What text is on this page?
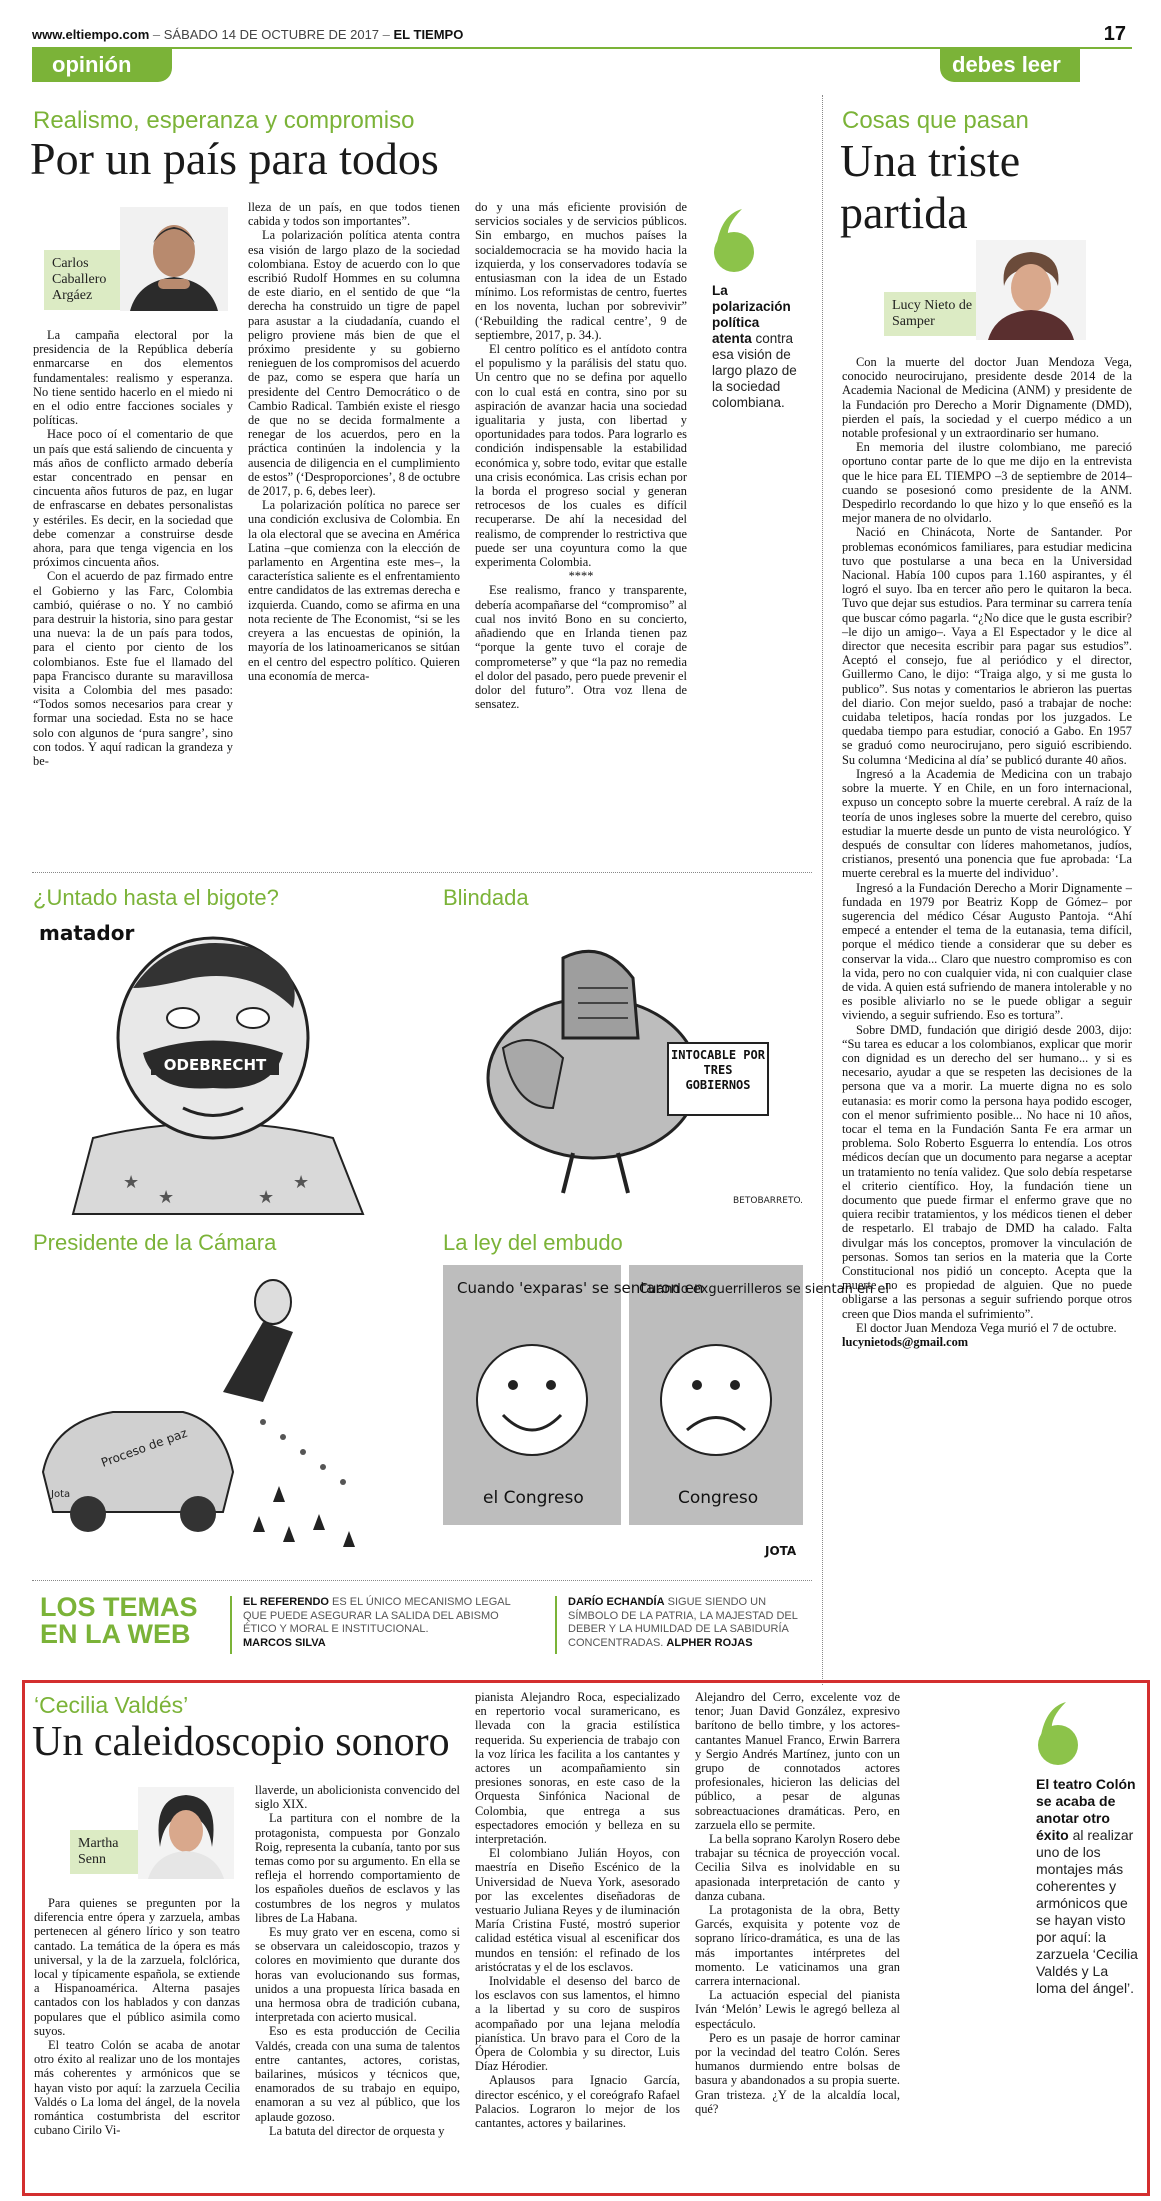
www.eltiempo.com – SÁBADO 14 DE OCTUBRE DE 2017 – EL TIEMPO	17
opinión	debes leer
Realismo, esperanza y compromiso
Por un país para todos
Carlos Caballero Argáez

La campaña electoral por la presidencia de la República debería enmarcarse en dos elementos fundamentales: realismo y esperanza. No tiene sentido hacerlo en el miedo ni en el odio entre facciones sociales y políticas.

Hace poco oí el comentario de que un país que está saliendo de cincuenta y más años de conflicto armado debería estar concentrado en pensar en cincuenta años futuros de paz, en lugar de enfrascarse en debates personalistas y estériles. Es decir, en la sociedad que debe comenzar a construirse desde ahora, para que tenga vigencia en los próximos cincuenta años.

Con el acuerdo de paz firmado entre el Gobierno y las Farc, Colombia cambió, quiérase o no. Y no cambió para destruir la historia, sino para gestar una nueva: la de un país para todos, para el ciento por ciento de los colombianos. Este fue el llamado del papa Francisco durante su maravillosa visita a Colombia del mes pasado: “Todos somos necesarios para crear y formar una sociedad. Esta no se hace solo con algunos de ‘pura sangre’, sino con todos. Y aquí radican la grandeza y be-

lleza de un país, en que todos tienen cabida y todos son importantes”.

La polarización política atenta contra esa visión de largo plazo de la sociedad colombiana. Estoy de acuerdo con lo que escribió Rudolf Hommes en su columna de este diario, en el sentido de que “la derecha ha construido un tigre de papel para asustar a la ciudadanía, cuando el peligro proviene más bien de que el próximo presidente y su gobierno renieguen de los compromisos del acuerdo de paz, como se espera que haría un presidente del Centro Democrático o de Cambio Radical. También existe el riesgo de que no se decida formalmente a renegar de los acuerdos, pero en la práctica continúen la indolencia y la ausencia de diligencia en el cumplimiento de estos” (‘Desproporciones’, 8 de octubre de 2017, p. 6, debes leer).

La polarización política no parece ser una condición exclusiva de Colombia. En la ola electoral que se avecina en América Latina –que comienza con la elección de parlamento en Argentina este mes–, la característica saliente es el enfrentamiento entre candidatos de las extremas derecha e izquierda. Cuando, como se afirma en una nota reciente de The Economist, “si se les creyera a las encuestas de opinión, la mayoría de los latinoamericanos se sitúan en el centro del espectro político. Quieren una economía de merca-

do y una más eficiente provisión de servicios sociales y de servicios públicos. Sin embargo, en muchos países la socialdemocracia se ha movido hacia la izquierda, y los conservadores todavía se entusiasman con la idea de un Estado mínimo. Los reformistas de centro, fuertes en los noventa, luchan por sobrevivir” (‘Rebuilding the radical centre’, 9 de septiembre, 2017, p. 34.).

El centro político es el antídoto contra el populismo y la parálisis del statu quo. Un centro que no se defina por aquello con lo cual está en contra, sino por su aspiración de avanzar hacia una sociedad igualitaria y justa, con libertad y oportunidades para todos. Para lograrlo es condición indispensable la estabilidad económica y, sobre todo, evitar que estalle una crisis económica. Las crisis echan por la borda el progreso social y generan retrocesos de los cuales es difícil recuperarse. De ahí la necesidad del realismo, de comprender lo restrictiva que puede ser una coyuntura como la que experimenta Colombia.

****

Ese realismo, franco y transparente, debería acompañarse del “compromiso” al cual nos invitó Bono en su concierto, añadiendo que en Irlanda tienen paz “porque la gente tuvo el coraje de comprometerse” y que “la paz no remedia el dolor del pasado, pero puede prevenir el dolor del futuro”. Otra voz llena de sensatez.

La polarización política atenta contra esa visión de largo plazo de la sociedad colombiana.
Cosas que pasan
Una triste
partida
Lucy Nieto de Samper

Con la muerte del doctor Juan Mendoza Vega, conocido neurocirujano, presidente desde 2014 de la Academia Nacional de Medicina (ANM) y presidente de la Fundación pro Derecho a Morir Dignamente (DMD), pierden el país, la sociedad y el cuerpo médico a un notable profesional y un extraordinario ser humano.

En memoria del ilustre colombiano, me pareció oportuno contar parte de lo que me dijo en la entrevista que le hice para EL TIEMPO –3 de septiembre de 2014– cuando se posesionó como presidente de la ANM. Despedirlo recordando lo que hizo y lo que enseñó es la mejor manera de no olvidarlo.

Nació en Chinácota, Norte de Santander. Por problemas económicos familiares, para estudiar medicina tuvo que postularse a una beca en la Universidad Nacional. Había 100 cupos para 1.160 aspirantes, y él logró el suyo. Iba en tercer año pero le quitaron la beca. Tuvo que dejar sus estudios. Para terminar su carrera tenía que buscar cómo pagarla. “¿No dice que le gusta escribir? –le dijo un amigo–. Vaya a El Espectador y le dice al director que necesita escribir para pagar sus estudios”. Aceptó el consejo, fue al periódico y el director, Guillermo Cano, le dijo: “Traiga algo, y si me gusta lo publico”. Sus notas y comentarios le abrieron las puertas del diario. Con mejor sueldo, pasó a trabajar de noche: cuidaba teletipos, hacía rondas por los juzgados. Le quedaba tiempo para estudiar, conoció a Gabo. En 1957 se graduó como neurocirujano, pero siguió escribiendo. Su columna ‘Medicina al día’ se publicó durante 40 años.

Ingresó a la Academia de Medicina con un trabajo sobre la muerte. Y en Chile, en un foro internacional, expuso un concepto sobre la muerte cerebral. A raíz de la teoría de unos ingleses sobre la muerte del cerebro, quiso estudiar la muerte desde un punto de vista neurológico. Y después de consultar con líderes mahometanos, judíos, cristianos, presentó una ponencia que fue aprobada: ‘La muerte cerebral es la muerte del individuo’.

Ingresó a la Fundación Derecho a Morir Dignamente –fundada en 1979 por Beatriz Kopp de Gómez– por sugerencia del médico César Augusto Pantoja. “Ahí empecé a entender el tema de la eutanasia, tema difícil, porque el médico tiende a considerar que su deber es conservar la vida... Claro que nuestro compromiso es con la vida, pero no con cualquier vida, ni con cualquier clase de vida. A quien está sufriendo de manera intolerable y no es posible aliviarlo no se le puede obligar a seguir viviendo, a seguir sufriendo. Eso es tortura”.

Sobre DMD, fundación que dirigió desde 2003, dijo: “Su tarea es educar a los colombianos, explicar que morir con dignidad es un derecho del ser humano... y si es necesario, ayudar a que se respeten las decisiones de la persona que va a morir. La muerte digna no es solo eutanasia: es morir como la persona haya podido escoger, con el menor sufrimiento posible... No hace ni 10 años, tocar el tema en la Fundación Santa Fe era armar un problema. Solo Roberto Esguerra lo entendía. Los otros médicos decían que un documento para negarse a aceptar un tratamiento no tenía validez. Que solo debía respetarse el criterio científico. Hoy, la fundación tiene un documento que puede firmar el enfermo grave que no quiera recibir tratamientos, y los médicos tienen el deber de respetarlo. El trabajo de DMD ha calado. Falta divulgar más los conceptos, promover la vinculación de personas. Somos tan serios en la materia que la Corte Constitucional nos pidió un concepto. Acepta que la muerte no es propiedad de alguien. Que no puede obligarse a las personas a seguir sufriendo porque otros creen que Dios manda el sufrimiento”.

El doctor Juan Mendoza Vega murió el 7 de octubre.

lucynietods@gmail.com

¿Untado hasta el bigote?
matador
ODEBRECHT
★
★	★
★
Blindada
INTOCABLE POR TRES GOBIERNOS
BETOBARRETO.
Presidente de la Cámara
Proceso de paz
Jota
La ley del embudo
Cuando 'exparas' se sentaron en
Cuando exguerrilleros se sientan en el
el Congreso	Congreso
JOTA
LOS TEMAS
EN LA WEB
EL REFERENDO ES EL ÚNICO MECANISMO LEGAL QUE PUEDE ASEGURAR LA SALIDA DEL ABISMO ÉTICO Y MORAL E INSTITUCIONAL.
MARCOS SILVA
DARÍO ECHANDÍA SIGUE SIENDO UN SÍMBOLO DE LA PATRIA, LA MAJESTAD DEL DEBER Y LA HUMILDAD DE LA SABIDURÍA CONCENTRADAS. ALPHER ROJAS
‘Cecilia Valdés’
Un caleidoscopio sonoro
Martha Senn

Para quienes se pregunten por la diferencia entre ópera y zarzuela, ambas pertenecen al género lírico y son teatro cantado. La temática de la ópera es más universal, y la de la zarzuela, folclórica, local y típicamente española, se extiende a Hispanoamérica. Alterna pasajes cantados con los hablados y con danzas populares que el público asimila como suyos.

El teatro Colón se acaba de anotar otro éxito al realizar uno de los montajes más coherentes y armónicos que se hayan visto por aquí: la zarzuela Cecilia Valdés o La loma del ángel, de la novela romántica costumbrista del escritor cubano Cirilo Vi-

llaverde, un abolicionista convencido del siglo XIX.

La partitura con el nombre de la protagonista, compuesta por Gonzalo Roig, representa la cubanía, tanto por sus temas como por su argumento. En ella se refleja el horrendo comportamiento de los españoles dueños de esclavos y las costumbres de los negros y mulatos libres de La Habana.

Es muy grato ver en escena, como si se observara un caleidoscopio, trazos y colores en movimiento que durante dos horas van evolucionando sus formas, unidos a una propuesta lírica basada en una hermosa obra de tradición cubana, interpretada con acierto musical.

Eso es esta producción de Cecilia Valdés, creada con una suma de talentos entre cantantes, actores, coristas, bailarines, músicos y técnicos que, enamorados de su trabajo en equipo, enamoran a su vez al público, que los aplaude gozoso.

La batuta del director de orquesta y

pianista Alejandro Roca, especializado en repertorio vocal suramericano, es llevada con la gracia estilística requerida. Su experiencia de trabajo con la voz lírica les facilita a los cantantes y actores un acompañamiento sin presiones sonoras, en este caso de la Orquesta Sinfónica Nacional de Colombia, que entrega a sus espectadores emoción y belleza en su interpretación.

El colombiano Julián Hoyos, con maestría en Diseño Escénico de la Universidad de Nueva York, asesorado por las excelentes diseñadoras de vestuario Juliana Reyes y de iluminación María Cristina Fusté, mostró superior calidad estética visual al escenificar dos mundos en tensión: el refinado de los aristócratas y el de los esclavos.

Inolvidable el desenso del barco de los esclavos con sus lamentos, el himno a la libertad y su coro de suspiros acompañado por una lejana melodía pianística. Un bravo para el Coro de la Ópera de Colombia y su director, Luis Díaz Hérodier.

Aplausos para Ignacio García, director escénico, y el coreógrafo Rafael Palacios. Lograron lo mejor de los cantantes, actores y bailarines.

Alejandro del Cerro, excelente voz de tenor; Juan David González, expresivo barítono de bello timbre, y los actores-cantantes Manuel Franco, Erwin Barrera y Sergio Andrés Martínez, junto con un grupo de connotados actores profesionales, hicieron las delicias del público, a pesar de algunas sobreactuaciones dramáticas. Pero, en zarzuela ello se permite.

La bella soprano Karolyn Rosero debe trabajar su técnica de proyección vocal. Cecilia Silva es inolvidable en su apasionada interpretación de canto y danza cubana.

La protagonista de la obra, Betty Garcés, exquisita y potente voz de soprano lírico-dramática, es una de las más importantes intérpretes del momento. Le vaticinamos una gran carrera internacional.

La actuación especial del pianista Iván ‘Melón’ Lewis le agregó belleza al espectáculo.

Pero es un pasaje de horror caminar por la vecindad del teatro Colón. Seres humanos durmiendo entre bolsas de basura y abandonados a su propia suerte. Gran tristeza. ¿Y de la alcaldía local, qué?

El teatro Colón se acaba de anotar otro éxito al realizar uno de los montajes más coherentes y armónicos que se hayan visto por aquí: la zarzuela ‘Cecilia Valdés y La loma del ángel’.
